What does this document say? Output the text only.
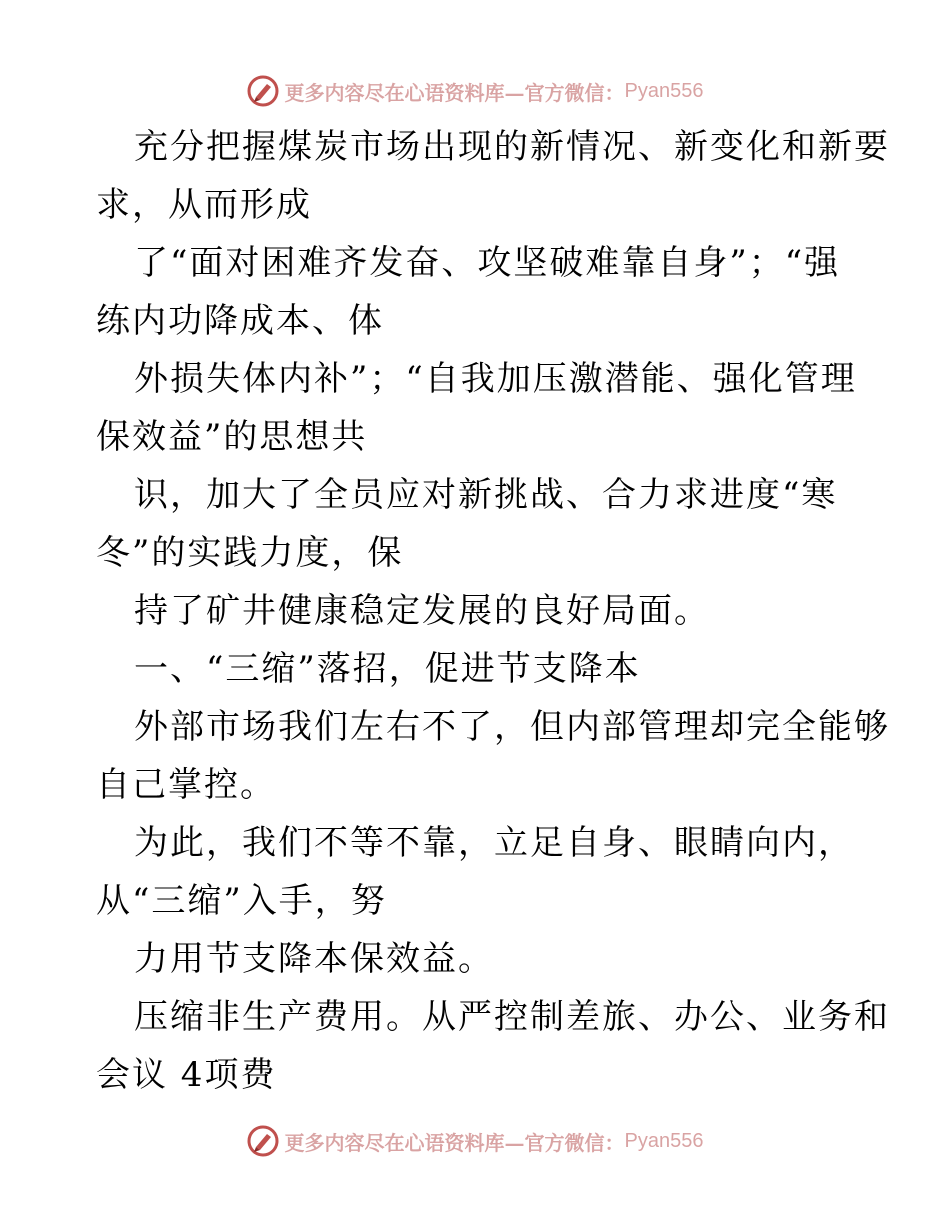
更多内容尽在心语资料库—官方微信： Pyan556
充分把握煤炭市场出现的新情况、新变化和新要
求，从而形成
了“面对困难齐发奋、攻坚破难靠自身”；“强
练内功降成本、体
外损失体内补”；“自我加压激潜能、强化管理
保效益”的思想共
识，加大了全员应对新挑战、合力求进度“寒
冬”的实践力度，保
持了矿井健康稳定发展的良好局面。
一、“三缩”落招，促进节支降本
外部市场我们左右不了，但内部管理却完全能够
自己掌控。
为此，我们不等不靠，立足自身、眼睛向内，
从“三缩”入手，努
力用节支降本保效益。
压缩非生产费用。从严控制差旅、办公、业务和
会议 4项费
更多内容尽在心语资料库—官方微信： Pyan556
